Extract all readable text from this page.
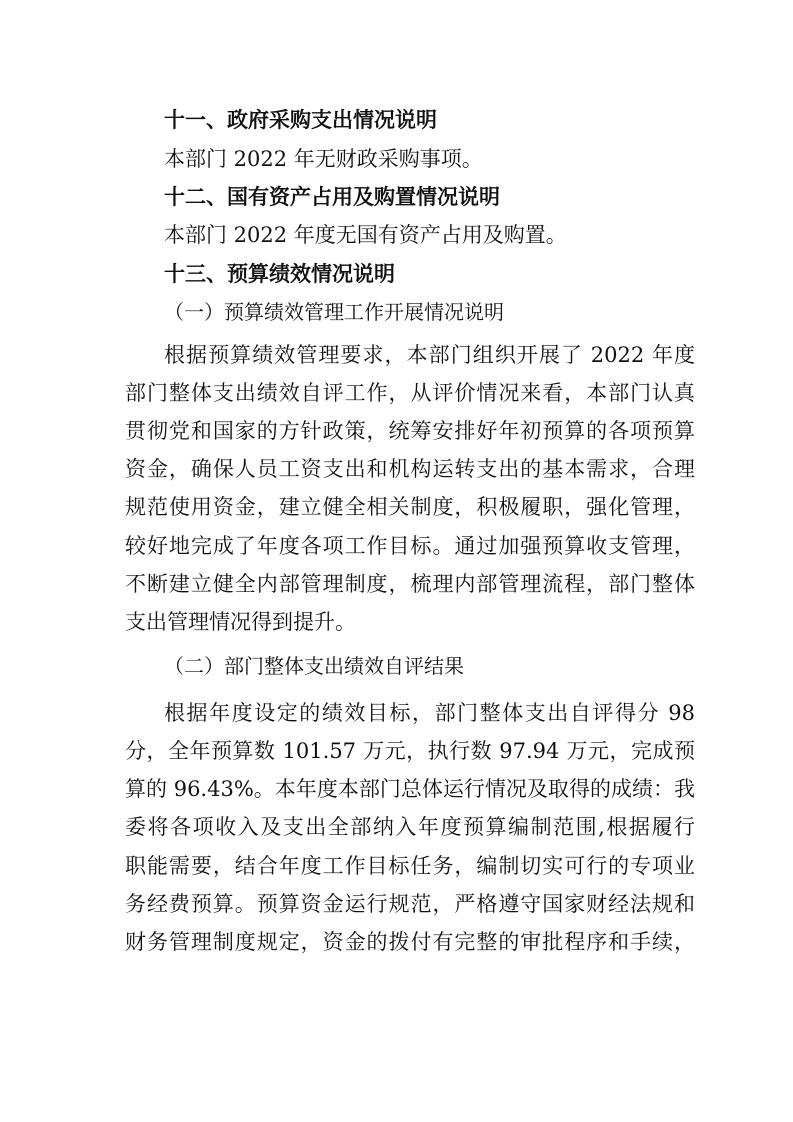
十一、政府采购支出情况说明
本部门 2022 年无财政采购事项。
十二、国有资产占用及购置情况说明
本部门 2022 年度无国有资产占用及购置。
十三、预算绩效情况说明
（一）预算绩效管理工作开展情况说明
根据预算绩效管理要求，本部门组织开展了 2022 年度
部门整体支出绩效自评工作，从评价情况来看，本部门认真
贯彻党和国家的方针政策，统筹安排好年初预算的各项预算
资金，确保人员工资支出和机构运转支出的基本需求，合理
规范使用资金，建立健全相关制度，积极履职，强化管理，
较好地完成了年度各项工作目标。通过加强预算收支管理，
不断建立健全内部管理制度，梳理内部管理流程，部门整体
支出管理情况得到提升。
（二）部门整体支出绩效自评结果
根据年度设定的绩效目标，部门整体支出自评得分 98
分，全年预算数 101.57 万元，执行数 97.94 万元，完成预
算的 96.43%。本年度本部门总体运行情况及取得的成绩：我
委将各项收入及支出全部纳入年度预算编制范围,根据履行
职能需要，结合年度工作目标任务，编制切实可行的专项业
务经费预算。预算资金运行规范，严格遵守国家财经法规和
财务管理制度规定，资金的拨付有完整的审批程序和手续，
